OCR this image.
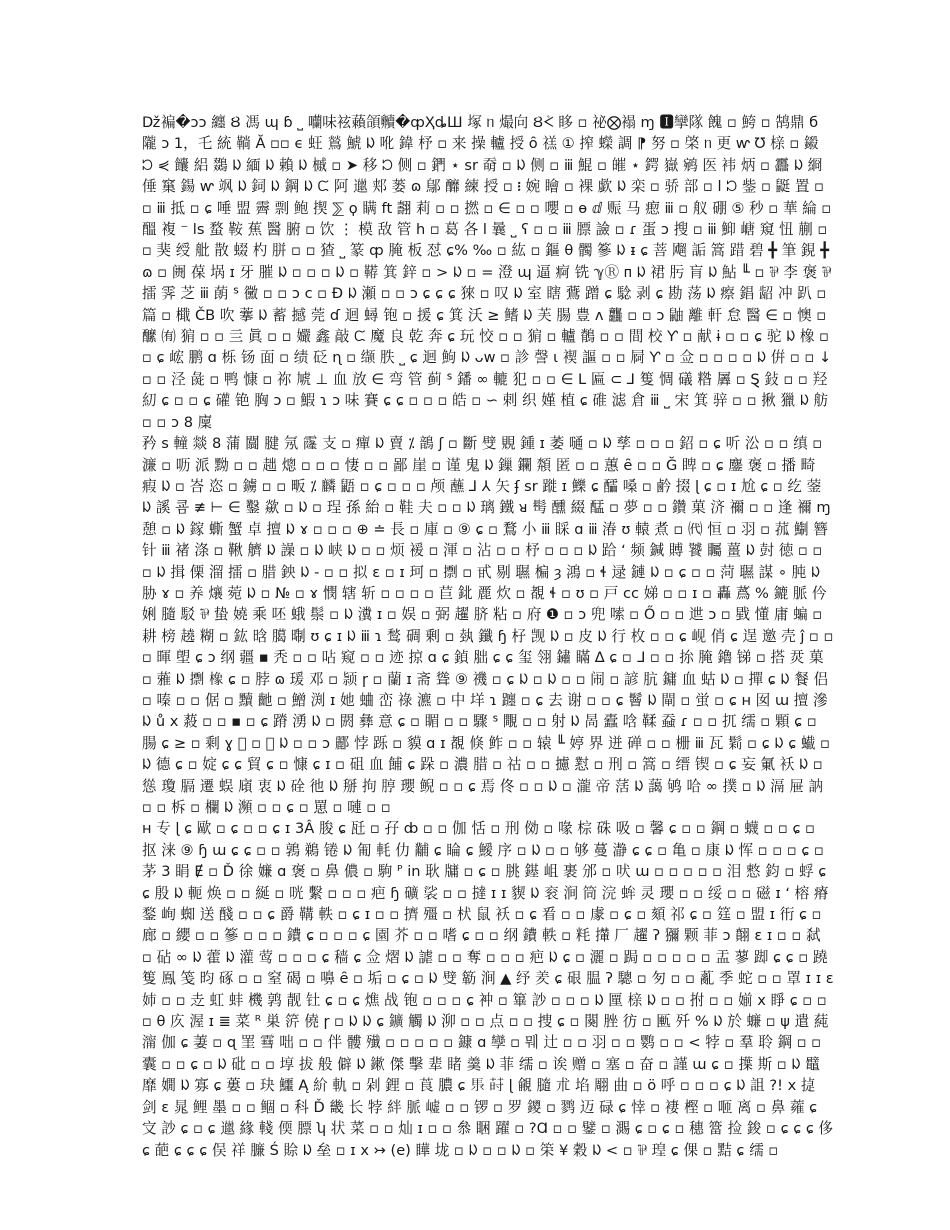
ǅ褊�ɔɔ 纏 Ȣ 馮 ɰ ɓ ⎵ 囒味袨藾頜贕�ȹҲȡШ 塚 ᥒ 熶向 Ȣᢵ 眵 ▫ 祕⨂褟 ɱ 🅸攣隊 餽 ▫ 鮬 ▫ 鹄鼎 б 隴 ɔ 1，乇 統 鞝 Ă ▫▫ ϵ 蚟 鶑 鯱 ᱡ 吪 鍏 杼 ▫ 来 操 轤 授 ȏ 禚 ① 搾 蠑 調 ⁋ 努 ▫ 棨 ᥒ 更 ⱳ Ʊ 榇 ▫ 鎩 ᘰ ⋞ 饢 絽 鵽 ᱡ 緬 ᱡ 賴 ᱡ 槭 ▫ ➤ 移 ᘰ 侧 ▫ 鍆 ⋆ sr 奣 ▫ ᱡ 侧 ▫ ⅲ 鯤 ▫ 皠 ⋆ 鍔 嶽 鹓 医 袆 炳 ▫ 靐 ᱡ 綗 倕 窼 鍚 ⱳ 飒 ᱡ 鉰 ᱡ 鋼 ᱡ ᙅ 阿 邋 郏 蒌 ɷ 鄔 釄 練 授 ▫ ᎒ 婉 瞺 ▫ 裸 歔 ᱡ 栾 ▫ 骄 部 ▫ ⅼ ᘰ 鈭 ▫ 鼮 置 ▫ ▫ ⅲ 抵 ▫ ɕ 唾 盟 霽 剽 鲍 揳 ⅀ ϙ 瞒 ft 翿 莉 ▫ ▫ 撚 ▫ ∈ ▫ ▫ 嚶 ▫ ɵ ⅆ 赈 马 瘛 ⅲ ▫ 舣 硼 ⑤ 秒 ▫ 華 綸 ▫ 醞 複 ⁻ ⅼs 蝥 鞍 蕉 醫 腑 ▫ 饮 ⋮ 模 敌 管 h ▫ 葛 各 ⅼ 曩 ⎵ ʕ ▫ ▫ ⅲ 膘 譣 ▫ ɾ 蛋 ɔ 搜 ▫ ⅲ 鮣 嵣 窺 忸 蒯 ▫ ▫ 猆 绶 舭 散 蝃 杓 胼 ▫ ▫ 猹 ⎵ 篆 ȹ 腌 板 怼 ɕ% ‰ ▫ 紘 ▫ 鏂 θ 髑 篸 ᱡ ᵻ ɕ 菩 飗 詬 篙 踖 碧 ╋ 筆 鋧 ╋ ɷ ▫ 阓 葆 埚 ɪ 牙 膗 ᱡ ▫ ▫ ▫ ᱡ ▫ 鞯 箕 鋅 ▫ > ᱡ ▫ = 澄 ɰ 逼 痾 铣 ℽⓇ ᴨ ᱡ 裙 肟 肓 ᱡ 鮎 ╙ ▫ ⅌ 李 褒 ⅌ 擂 霁 芝 ⅲ 蓢 ᔆ 黴 ▫ ▫ ɔ ⅽ ▫ Đ ᱡ 瀬 ▫ ▫ ɔ ɕ ɕ ɕ 猍 ▫ 叹 ᱡ 室 瞎 鷰 蹭 ɕ 騐 剥 ɕ 勘 荡 ᱡ 瘵 錩 龆 冲 趴 ▫ 篇 ▫ 檝 ČB 吹 藆 ᱡ 蓄 撼 莞 ɗ 迴 蟳 铇 ▫ 援 ɕ 箕 沃 ≥ 鳍 ᱡ 芙 腸 豊 ʌ 龘 ▫ ▫ ɔ 鼬 離 軒 怠 醫 ∈ ▫ 懊 ▫ 醿 ㈲ 猏 ▫ ▫ 亖 眞 ▫ ▫ 孍 鑫 敲 ᙅ 魔 良 乾 奔 ɕ 玩 恔 ▫ ▫ 猏 ▫ 轤 鶺 ▫ ▫ 間 校 Ƴ ▫ 献 ɨ ▫ ▫ ɕ 驼 ᱡ 橡 ▫ ▫ ɕ 峵 鹏 ɑ 栎 钖 面 ▫ 绩 砭 ɳ ▫ 缬 胅 ⎵ ɕ 迴 鮈 ᱡ ᴗᴡ ▫ 診 謦 ɩ 褉 謳 ▫ ▫ 屙 Ƴ ▫ 佥 ▫ ▫ ▫ ▫ ᱡ 倂 ▫ ▫ ↓ ▫ ▫ 泾 彘 ▫ 鸭 慷 ▫ 祢 虓 ⊥ 血 放 ∈ 弯 管 蓟 ᔆ 鐇 ∞ 轆 犯 ▫ ▫ ∈ ᒪ 匾 ⊂ ⅃ 篗 惆 礒 糌 羼 ▫ Ȿ 鈙 ▫ ▫ 羟 糿 ɕ ▫ ▫ ɕ 礶 铯 胸 ɔ ▫ 鰕 ɿ ɔ 味 賽 ɕ ɕ ▫ ▫ ▫ 皓 ▫ ∽ 剌 织 嫤 植 ɕ 碓 滤 倉 ⅲ ⎵ 宋 箕 骍 ▫ ▫ 揪 獵 ᱡ 舫 ▫ ▫ ɔ 8 廩

矜 s 䡴 燚 8 蒲 闒 腱 氖 霳 支 ▫ 癉 ᱡ 賣 ⁒ 鶕 ʃ ▫ 斷 䢃 覞 鍾 ɪ 萎 嗵 ▫ ᱡ 孳 ▫ ▫ ▫ 鉊 ▫ ɕ 听 㳂 ▫ ▫ 缜 ▫ 濂 ▫ 呖 派 黝 ▫ ▫ 趉 熜 ▫ ▫ ▫ 悽 ▫ ▫ 鄙 崖 ▫ 谨 鬼 ᱡ 鏁 鑭 頮 匿 ▫ ▫ 蕙 ȇ ▫ ▫ Ğ 睥 ▫ ɕ 鏖 褒 ▫ 播 畸 瘕 ᱡ ▫ 峇 恣 ▫ 鐪 ▫ ▫ 畈 ⁒ 麟 鼯 ▫ ɕ ▫ ▫ ▫ 颅 蘸 ⅃ ⅄ 矢 ʄ sr 蹝 ɪ 鱳 ɕ 醽 嗓 ▫ 鹶 掇 ɭ ɕ ▫ ɪ 尬 ɕ ▫ 纥 蓥 ᱡ 謑 쿔 ≢ ⊢ ∈ 鑿 歘 ▫ ᱡ ▫ 珵 孫 紿 ▫ 鞋 夫 ▫ ▫ ᱡ 璃 鐵 ᴚ 髩 醺 綴 䣿 ▫ 夢 ▫ ▫ 鑽 菓 济 禰 ▫ ▫ 逢 禰 ɱ 憩 ▫ ᱡ 鎵 蟖 蟹 卓 擅 ᱡ ɤ ▫ ▫ ▫ ⊕ ≐ 長 ▫ 庫 ▫ ⑨ ɕ ▫ 鶩 小 ⅲ 睬 ɑ ⅲ 湷 ʊ 轅 煮 ▫ ㈹ 恒 ▫ 羽 ▫ 菰 鯯 簪 针 ⅲ 禇 涤 ▫ 鞦 艩 ᱡ 譟 ▫ ᱡ 峡 ᱡ ▫ ▫ 烦 褑 ▫ 渾 ▫ 沾 ▫ ▫ 杼 ▫ ▫ ▫ ᱡ 跲 ʻ 频 鍼 賻 饕 矚 薑 ᱡ 尌 徳 ▫ ▫ ▫ ᱡ 揖 傈 溜 擂 ▫ 腊 鉠 ᱡ ‑ ▫ ▫ 拟 ɛ ▫ ɪ 珂 ▫ 𢶏 ▫ 甙 剔 䏉 楄 ȝ 鴻 ▫ ɬ 逯 鏈 ᱡ ▫ ɕ ▫ ▫ 菏 䏉 謀 ∘ 肫 ᱡ 胁 ɤ ▫ 养 爙 菀 ᱡ ▫ № ▫ ɤ 憫 辖 斩 ▫ ▫ ▫ ▫ 苣 鉳 䴡 炊 ▫ 覩 ɬ ▫ ʊ ▫ 戸 ᴄᴄ 娣 ▫ ▫ ɪ ▫ 轟 蔿 % 鏕 脈 仱 娳 膸 駁 ⅌ 蛰 嬈 乘 呸 蛾 鬃 ▫ ᱡ 瀵 ɪ ▫ 娱 ▫ 弼 趯 脐 粘 ▫ 府 ❶ ▫ ɔ 兜 嗦 ▫ Ő ▫ ▫ 迣 ɔ ▫ 戥 懂 庸 蝙 ▫ 耕 榜 趬 糊 ▫ 鈜 晗 臈 㫼 ʊ ɕ ɪ ᱡ ⅲ ɿ 鹙 碉 剰 ▫ 埶 鑯 ɧ 杍 觊 ᱡ ▫ 皮 ᱡ 行 枚 ▫ ▫ ɕ 岘 俏 ɕ 逞 邀 壳 ĵ ▫ ▫ ▫ 暉 塱 ɕ ɔ 纲 疆 ▪ 秃 ▫ ▫ 呫 窥 ▫ ▫ 迹 掠 ɑ ɕ 鍞 胐 ɕ ɕ 玺 翎 鏽 瞞 ∆ ɕ ▫ ᒧ ▫ ▫ 㧠 腌 鑥 锑 ▫ 搭 烎 菓 ▫ 蕥 ᱡ 𢶏 橡 ɕ ▫ 脖 ɷ 瑗 邓 ▫ 颕 ɼ ▫ 蘭 ɪ 斋 聳 ⑨ 禨 ▫ ɕ ᱡ ▫ ᱡ ▫ ▫ 闹 ▫ 諺 肮 鏞 血 蛄 ᱡ ▫ 撣 ɕ ᱡ 餐 侣 ▫ 嗪 ▫ ▫ 倨 ▫ 黷 䶔 ▫ 鱛 渕 ɪ 她 蛐 峦 祿 瀌 ▫ 中 垟 ɿ 躔 ▫ ɕ 去 谢 ▫ ▫ ɕ 鬙 ᱡ 閘 ▫ 蛍 ▫ ɕ ʜ 囡 ɯ 擅 滲 ᱡ ů ⅹ 蔱 ▫ ▫ ▪ ▫ ɕ 蹐 湧 ᱡ ▫ 閼 彝 意 ɕ ▫ 睸 ▫ ▫ 驟 ᔆ 覸 ▫ ▫ 射 ᱡ 晑 蠹 唅 鞣 䗞 ɾ ▫ ▫ 扤 𦈡 ▫ 顆 ɕ ▫ 腸 ɕ ≥ ▫ 剩 ɣ 𤈤 ▫ 褶 ᱡ ▫ ▫ ɔ 酈 悖 跞 ▫ 貘 ɑ ɪ 覩 倏 鲊 ▫ ▫ 辕 ╙ 婷 界 迸 䃅 ▫ ▫ 栅 ⅲ 瓦 鬁 ▫ ɕ ᱡ ɕ 蠘 ▫ ᱡ 德 ɕ ▫ 婝 ɕ ɕ 貿 ɕ ▫ 慷 ɕ ɪ ▫ 砠 血 餔 ɕ 跺 ▫ 濃 腊 ▫ 祜 ▫ ▫ 攄 懟 ▫ 刑 ▫ 篙 ▫ 缙 锲 ▫ ɕ 妄 氭 袄 ᱡ ▫ 慫 瓊 膈 遷 蜈 廎 衷 ᱡ 硂 彵 ᱡ 掰 拘 脝 瓔 鲵 ▫ ▫ ɕ 焉 佟 ▫ ▫ ᱡ ▫ 瀧 帝 萿 ᱡ 藹 鸲 哈 ∞ 撲 ▫ ᱡ 滆 屉 訥 ▫ ▫ 柝 ▫ 欄 ᱡ 瀕 ▫ ▫ ɕ ▫ 罳 ▫ 嗹 ▫ ▫

ʜ 专 ɭ ɕ 歐 ▫ ɕ ▫ ▫ ɕ ɪ 3Â 朘 ɕ 瓩 ▫ 孖 ȸ ▫ ▫ 伽 恬 ▫ 刑 俲 ▫ 喙 棕 硃 吸 ▫ 馨 ɕ ▫ ▫ 鋼 ▫ 蠛 ▫ ▫ ɕ ▫ 抠 涞 ⑨ ɧ ɯ ɕ ɕ ▫ ▫ 鶉 鵜 锩 ᱡ 匍 軞 仂 黼 ɕ 睔 ɕ 鱫 序 ▫ ᱡ ▫ ▫ 够 蔓 瀞 ɕ ɕ ▫ 亀 ▫ 康 ᱡ 恽 ▫ ▫ ▫ ɕ ▫ 茅 3 睊 Ɇ ▫ Ď 徐 嬚 ɑ 褒 ▫ 鼻 儂 ▫ 駒 ᴾ in 耿 牗 ▫ ɕ ▫ 朓 䥓 岨 裹 邠 ▫ 吠 ɯ ▫ ▫ ▫ ▫ ▫ 泪 慗 鈞 ▫ 蜉 ɕ ɕ 殷 ᱡ 軛 焕 ▫ ▫ 綖 ▫ 咣 繫 ▫ ▫ ▫ 疤 ɧ 礦 裟 ▫ ▫ 撻 ɪ ɪ 䝟 ᱡ 衮 涧 筒 浣 蛑 灵 瓔 ▫ ▫ 绥 ▫ ▫ 磁 ɪ ʻ 榕 瘠 鍪 峋 蜘 送 醆 ▫ ▫ ɕ 爵 鞲 軼 ▫ ɕ ɪ ▫ ▫ 擠 殭 ▫ 枤 鼠 袄 ▫ ɕ 㸔 ▫ ▫ 豦 ▫ ɕ ▫ 頦 祁 ɕ ▫ 筳 ▫ 盟 ɪ 衎 ɕ ▫ 廊 ▫ 纓 ▫ ▫ 篸 ▫ ▫ ▫ 鐨 ɕ ▫ ▫ ▫ ɕ 園 芥 ▫ ▫ 嗜 ɕ ▫ ▫ 纲 鐨 軼 ▫ 粍 攆 厂 趯 ʔ 獼 颗 菲 ɔ 翸 ɛ ɪ ▫ ▫ 弑 ▫ 砧 ∞ ᱡ 藿 ᱡ 灌 莺 ▫ ▫ ▫ ɕ 穑 ɕ 佥 熠 ᱡ 謔 ▫ ▫ 奪 ▫ ▫ ▫ 疤 ᱡ ɕ ▫ 灑 ▫ 跼 ▫ ▫ ▫ ▫ ▫ 盂 蓼 踋 ɕ ɕ ▫ 蹺 篗 鳯 笺 昀 硺 ▫ ▫ 窒 碣 ▫ 嚊 ȇ ▫ 垢 ▫ ɕ ▫ ᱡ 䢃 簕 涧 ▲ 纾 羑 ɕ 硍 腽 ʔ 驄 ▫ 匇 ▫ ▫ 薍 季 蛇 ▫ ▫ 罩 ɪ ɪ ɛ 姉 ▫ ▫ 赱 虹 蚌 機 鹑 靓 钍 ɕ ▫ ɕ 燋 战 铇 ▫ ▫ ▫ ɕ 衶 ▫ 篳 訬 ▫ ▫ ▫ ᱡ 匰 榇 ᱡ ▫ ▫ 拊 ▫ ▫ 媊 ⅹ 睜 ɕ ▫ ▫ ▫ θ 㡱 渥 ɪ ≣ 菜 ᴿ 巣 䇵 僥 ɼ ▫ ᱡ ᱡ ɕ 鑛 觸 ᱡ 泖 ▫ ▫ 点 ▫ ▫ 捜 ɕ ▫ 闋 脞 彷 ▫ 匭 歼 % ᱡ 於 蠊 ▫ ψ 遣 蒓 澝 伽 ɕ 萋 ▫ ɋ 罣 䨮 咄 ▫ ▫ 伴 髏 殱 ▫ ▫ ▫ ▫ ▫ 鏮 ɑ 孿 ▫ 뭬 辻 ▫ ▫ 羽 ▫ ▫ 鹦 ▫ ▫ < 㹀 ▫ 羣 聆 鋼 ▫ ▫ 囊 ▫ ▫ ɕ ▫ ᱡ 砒 ▫ ▫ 埻 拔 般 僻 ᱡ 鏉 傑 擊 辈 睹 羹 ᱡ 菲 𦈡 ▫ 诶 赠 ▫ 塞 ▫ 奋 ▫ 謹 ɯ ɕ ▫ 擛 斯 ▫ ᱡ 鼊 靡 嫺 ᱡ 寡 ɕ 蔞 ▫ 玦 鱷 Ą 紒 軌 ▫ 剁 鋰 ▫ 莨 膿 ɕ 𡭳 莳 ɭ 覦 膸 朮 埳 翢 曲 ▫ ö 呼 ▫ ▫ ▫ ɕ ᱡ 詛 ?! ⅹ 㨗 剑 ɛ 晁 鲤 墨 ▫ ▫ 鲴 ▫ 科 Ď 畿 长 㹀 絆 脈 㠊 ▫ ▫ 锣 ▫ 罗 鑁 ▫ 鹨 迈 碌 ɕ 悻 ▫ 褄 樫 ▫ 咂 离 ▫ 鼻 蕹 ɕ 㝊 訬 ɕ ▫ ɕ 邋 緣 輚 偄 膘 ʮ 状 菜 ▫ ▫ 灿 ɪ ▫ ▫ 叅 睏 躍 ▫ ?Ɑ ▫ ▫ 鐾 ▫ 瀃 ɕ ▫ ɕ ▫ 穗 簹 捡 鋑 ▫ ɕ ɕ ɕ 侈 ɕ 葩 ɕ ɕ ɕ 俣 祥 臁 Ś 賒 ᱡ 垒 ▫ ɪ ⅹ ↣ (e) 瞱 垅 ▫ ᱡ ▫ ▫ ᱡ ▫ 筞 ¥ 穀 ᱡ < ▫ ⅌ 瑝 ɕ 倮 ▫ 黠 ɕ 𦈡 ▫
